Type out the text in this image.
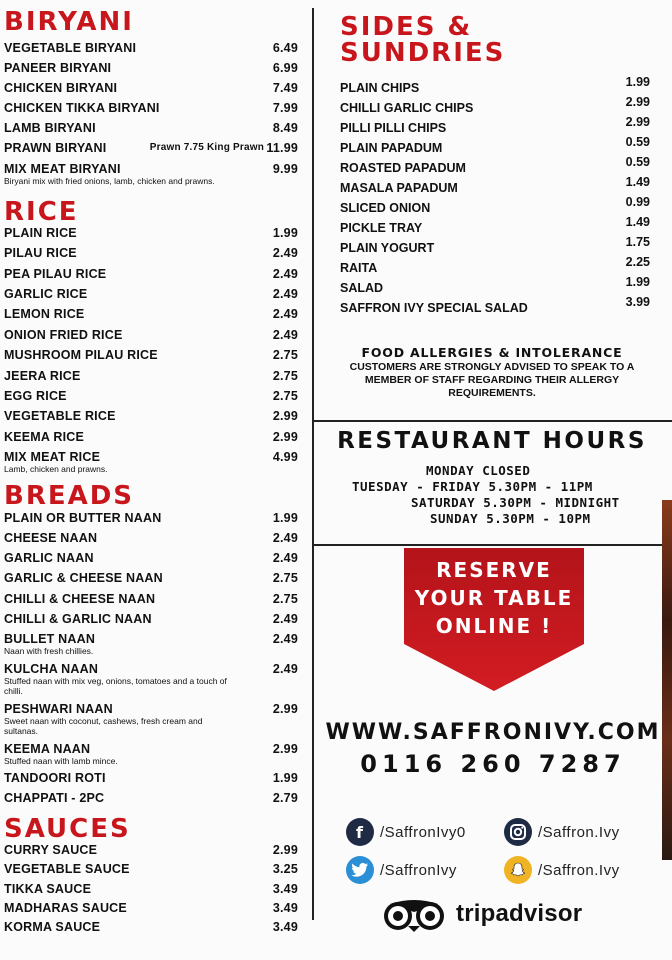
BIRYANI
VEGETABLE BIRYANI	6.49
PANEER BIRYANI	6.99
CHICKEN BIRYANI	7.49
CHICKEN TIKKA BIRYANI	7.99
LAMB BIRYANI	8.49
PRAWN BIRYANI	Prawn 7.75 King Prawn 11.99
MIX MEAT BIRYANI	9.99
Biryani mix with fried onions, lamb, chicken and prawns.
RICE
PLAIN RICE	1.99
PILAU RICE	2.49
PEA PILAU RICE	2.49
GARLIC RICE	2.49
LEMON RICE	2.49
ONION FRIED RICE	2.49
MUSHROOM PILAU RICE	2.75
JEERA RICE	2.75
EGG RICE	2.75
VEGETABLE RICE	2.99
KEEMA RICE	2.99
MIX MEAT RICE	4.99
Lamb, chicken and prawns.
BREADS
PLAIN OR BUTTER NAAN	1.99
CHEESE NAAN	2.49
GARLIC NAAN	2.49
GARLIC & CHEESE NAAN	2.75
CHILLI & CHEESE NAAN	2.75
CHILLI & GARLIC NAAN	2.49
BULLET NAAN	2.49
Naan with fresh chillies.
KULCHA NAAN	2.49
Stuffed naan with mix veg, onions, tomatoes and a touch of chilli.
PESHWARI NAAN	2.99
Sweet naan with coconut, cashews, fresh cream and sultanas.
KEEMA NAAN	2.99
Stuffed naan with lamb mince.
TANDOORI ROTI	1.99
CHAPPATI - 2PC	2.79
SAUCES
CURRY SAUCE	2.99
VEGETABLE SAUCE	3.25
TIKKA SAUCE	3.49
MADHARAS SAUCE	3.49
KORMA SAUCE	3.49
SIDES &
SUNDRIES
PLAIN CHIPS	1.99
CHILLI GARLIC CHIPS	2.99
PILLI PILLI CHIPS	2.99
PLAIN PAPADUM	0.59
ROASTED PAPADUM	0.59
MASALA PAPADUM	1.49
SLICED ONION	0.99
PICKLE TRAY	1.49
PLAIN YOGURT	1.75
RAITA	2.25
SALAD	1.99
SAFFRON IVY SPECIAL SALAD	3.99
FOOD ALLERGIES & INTOLERANCE
CUSTOMERS ARE STRONGLY ADVISED TO SPEAK TO A MEMBER OF STAFF REGARDING THEIR ALLERGY REQUIREMENTS.
RESTAURANT HOURS
MONDAY CLOSED
TUESDAY - FRIDAY 5.30PM - 11PM
SATURDAY 5.30PM - MIDNIGHT
SUNDAY 5.30PM - 10PM
RESERVE
YOUR TABLE
ONLINE !
WWW.SAFFRONIVY.COM
0116 260 7287
f /SaffronIvy0	/Saffron.Ivy
/SaffronIvy	/Saffron.Ivy
tripadvisor
